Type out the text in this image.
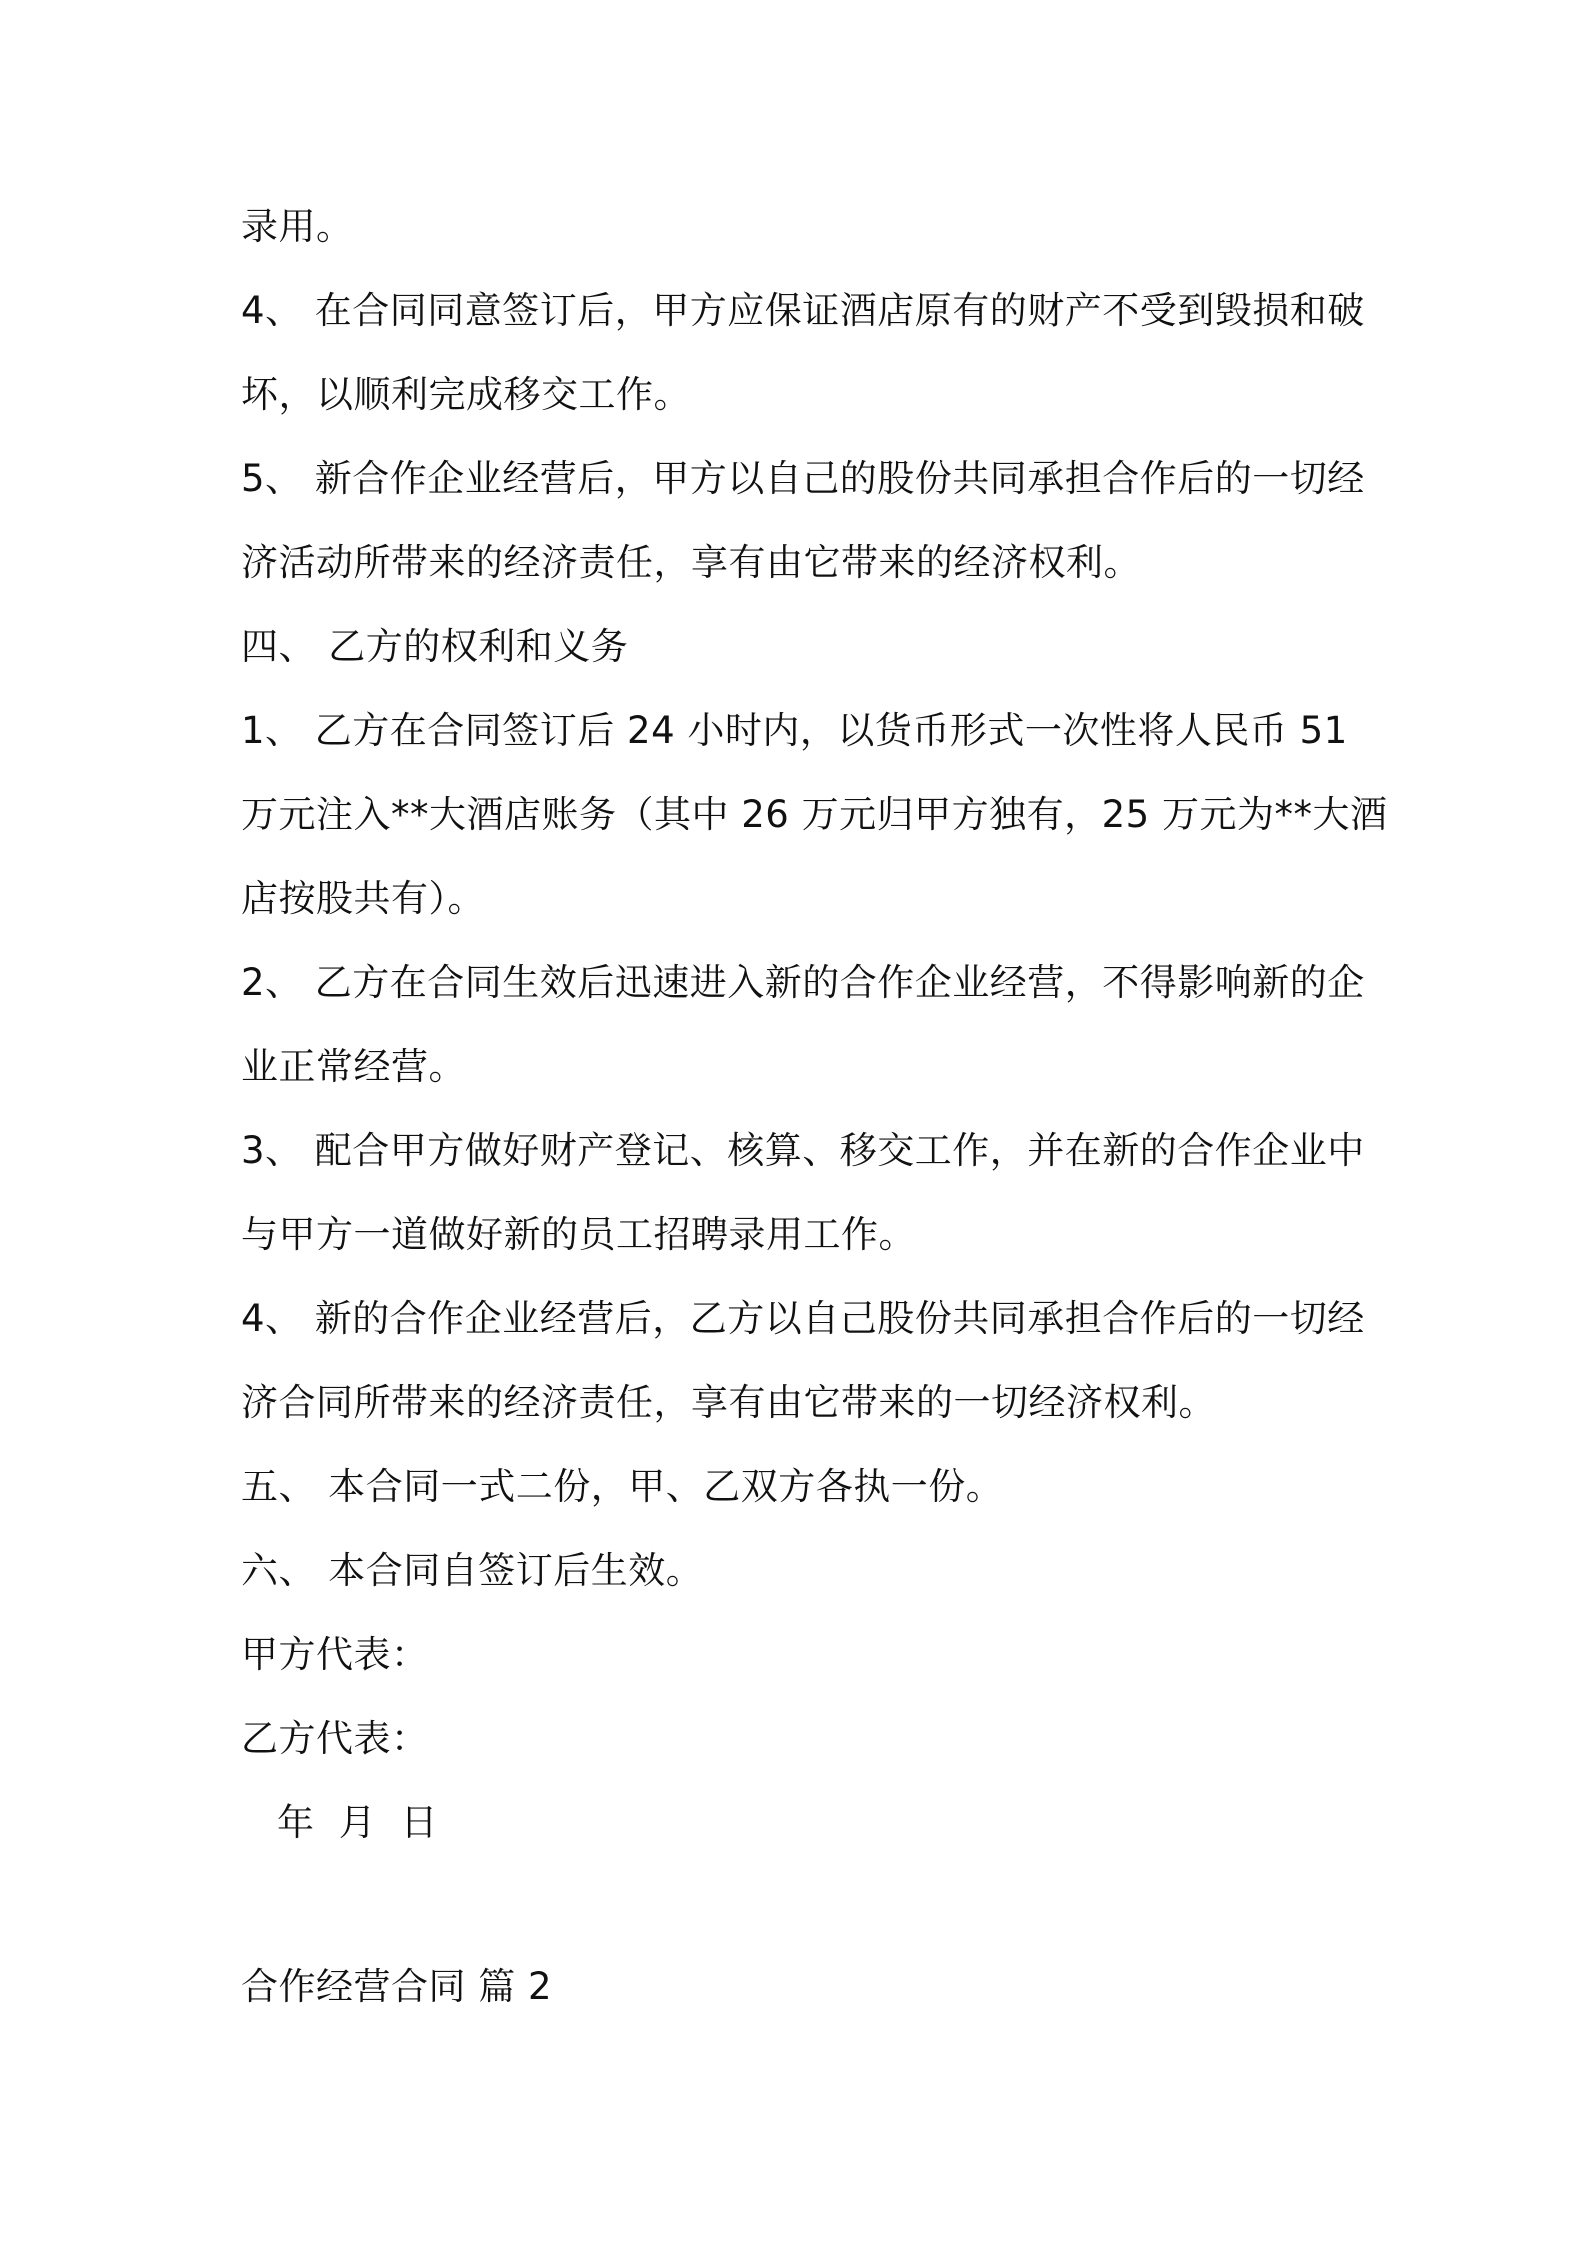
录用。
4、 在合同同意签订后，甲方应保证酒店原有的财产不受到毁损和破
坏，以顺利完成移交工作。
5、 新合作企业经营后，甲方以自己的股份共同承担合作后的一切经
济活动所带来的经济责任，享有由它带来的经济权利。
四、 乙方的权利和义务
1、 乙方在合同签订后 24 小时内，以货币形式一次性将人民币 51
万元注入**大酒店账务（其中 26 万元归甲方独有，25 万元为**大酒
店按股共有）。
2、 乙方在合同生效后迅速进入新的合作企业经营，不得影响新的企
业正常经营。
3、 配合甲方做好财产登记、核算、移交工作，并在新的合作企业中
与甲方一道做好新的员工招聘录用工作。
4、 新的合作企业经营后，乙方以自己股份共同承担合作后的一切经
济合同所带来的经济责任，享有由它带来的一切经济权利。
五、 本合同一式二份，甲、乙双方各执一份。
六、 本合同自签订后生效。
甲方代表：
乙方代表：
年 月 日
合作经营合同 篇 2
